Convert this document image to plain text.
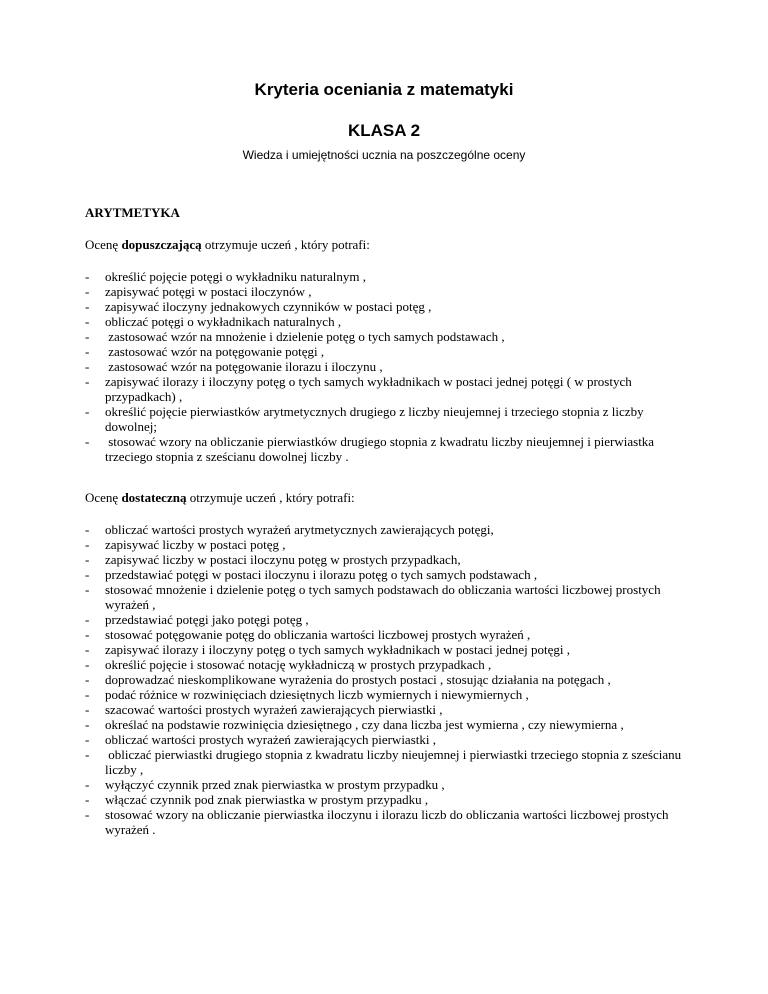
Kryteria oceniania z matematyki
KLASA 2
Wiedza i umiejętności ucznia na poszczególne oceny
ARYTMETYKA
Ocenę dopuszczającą otrzymuje uczeń , który potrafi:
- określić pojęcie potęgi o wykładniku naturalnym ,
- zapisywać potęgi w postaci iloczynów ,
- zapisywać iloczyny jednakowych czynników w postaci potęg ,
- obliczać potęgi o wykładnikach naturalnych ,
- zastosować wzór na mnożenie i dzielenie potęg o tych samych podstawach ,
- zastosować wzór na potęgowanie potęgi ,
- zastosować wzór na potęgowanie ilorazu i iloczynu ,
- zapisywać ilorazy i iloczyny potęg o tych samych wykładnikach w postaci jednej potęgi ( w prostych przypadkach) ,
- określić pojęcie pierwiastków arytmetycznych drugiego z liczby nieujemnej i trzeciego stopnia z liczby dowolnej;
- stosować wzory na obliczanie pierwiastków drugiego stopnia z kwadratu liczby nieujemnej i pierwiastka trzeciego stopnia z sześcianu dowolnej liczby .
Ocenę dostateczną otrzymuje uczeń , który potrafi:
- obliczać wartości prostych wyrażeń arytmetycznych zawierających potęgi,
- zapisywać liczby w postaci potęg ,
- zapisywać liczby w postaci iloczynu potęg w prostych przypadkach,
- przedstawiać potęgi w postaci iloczynu i ilorazu potęg o tych samych podstawach ,
- stosować mnożenie i dzielenie potęg o tych samych podstawach do obliczania wartości liczbowej prostych wyrażeń ,
- przedstawiać potęgi jako potęgi potęg ,
- stosować potęgowanie potęg do obliczania wartości liczbowej prostych wyrażeń ,
- zapisywać ilorazy i iloczyny potęg o tych samych wykładnikach w postaci jednej potęgi ,
- określić pojęcie i stosować notację wykładniczą w prostych przypadkach ,
- doprowadzać nieskomplikowane wyrażenia do prostych postaci , stosując działania na potęgach ,
- podać różnice w rozwinięciach dziesiętnych liczb wymiernych i niewymiernych ,
- szacować wartości prostych wyrażeń zawierających pierwiastki ,
- określać na podstawie rozwinięcia dziesiętnego , czy dana liczba jest wymierna , czy niewymierna ,
- obliczać wartości prostych wyrażeń zawierających pierwiastki ,
- obliczać pierwiastki drugiego stopnia z kwadratu liczby nieujemnej i pierwiastki trzeciego stopnia z sześcianu liczby ,
- wyłączyć czynnik przed znak pierwiastka w prostym przypadku ,
- włączać czynnik pod znak pierwiastka w prostym przypadku ,
- stosować wzory na obliczanie pierwiastka iloczynu i ilorazu liczb do obliczania wartości liczbowej prostych wyrażeń .
